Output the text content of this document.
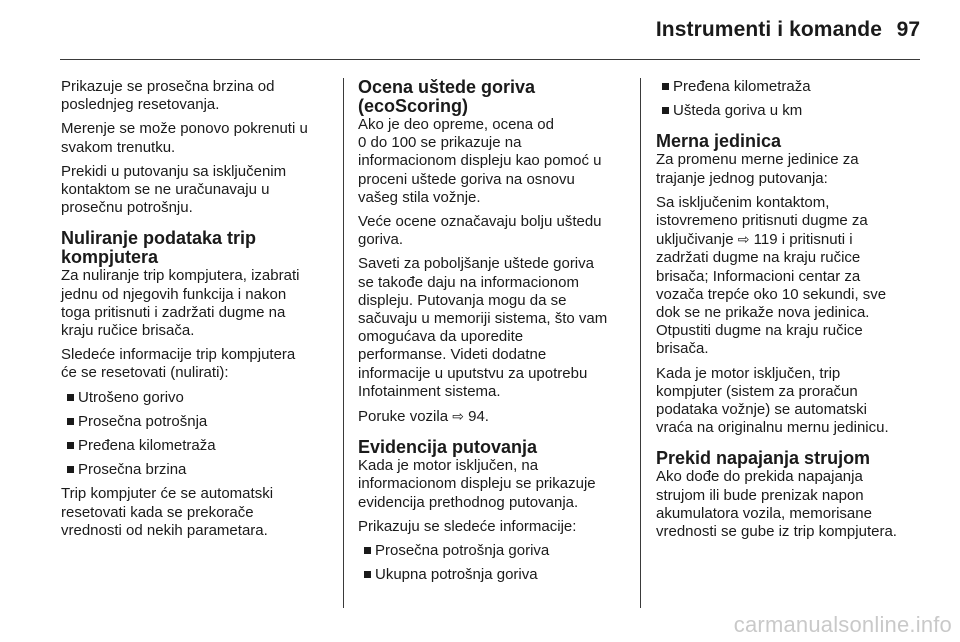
Instrumenti i komande 97

Prikazuje se prosečna brzina od
poslednjeg resetovanja.

Merenje se može ponovo pokrenuti u
svakom trenutku.

Prekidi u putovanju sa isključenim
kontaktom se ne uračunavaju u
prosečnu potrošnju.

Nuliranje podataka trip
kompjutera

Za nuliranje trip kompjutera, izabrati
jednu od njegovih funkcija i nakon
toga pritisnuti i zadržati dugme na
kraju ručice brisača.

Sledeće informacije trip kompjutera
će se resetovati (nulirati):

Utrošeno gorivo
Prosečna potrošnja
Pređena kilometraža
Prosečna brzina

Trip kompjuter će se automatski
resetovati kada se prekorače
vrednosti od nekih parametara.

Ocena uštede goriva
(ecoScoring)

Ako je deo opreme, ocena od
0 do 100 se prikazuje na
informacionom displeju kao pomoć u
proceni uštede goriva na osnovu
vašeg stila vožnje.

Veće ocene označavaju bolju uštedu
goriva.

Saveti za poboljšanje uštede goriva
se takođe daju na informacionom
displeju. Putovanja mogu da se
sačuvaju u memoriji sistema, što vam
omogućava da uporedite
performanse. Videti dodatne
informacije u uputstvu za upotrebu
Infotainment sistema.

Poruke vozila ⇨ 94.

Evidencija putovanja

Kada je motor isključen, na
informacionom displeju se prikazuje
evidencija prethodnog putovanja.

Prikazuju se sledeće informacije:

Prosečna potrošnja goriva
Ukupna potrošnja goriva
Pređena kilometraža
Ušteda goriva u km
Merna jedinica

Za promenu merne jedinice za
trajanje jednog putovanja:

Sa isključenim kontaktom,
istovremeno pritisnuti dugme za
uključivanje ⇨ 119 i pritisnuti i
zadržati dugme na kraju ručice
brisača; Informacioni centar za
vozača trepće oko 10 sekundi, sve
dok se ne prikaže nova jedinica.
Otpustiti dugme na kraju ručice
brisača.

Kada je motor isključen, trip
kompjuter (sistem za proračun
podataka vožnje) se automatski
vraća na originalnu mernu jedinicu.

Prekid napajanja strujom

Ako dođe do prekida napajanja
strujom ili bude prenizak napon
akumulatora vozila, memorisane
vrednosti se gube iz trip kompjutera.

carmanualsonline.info
